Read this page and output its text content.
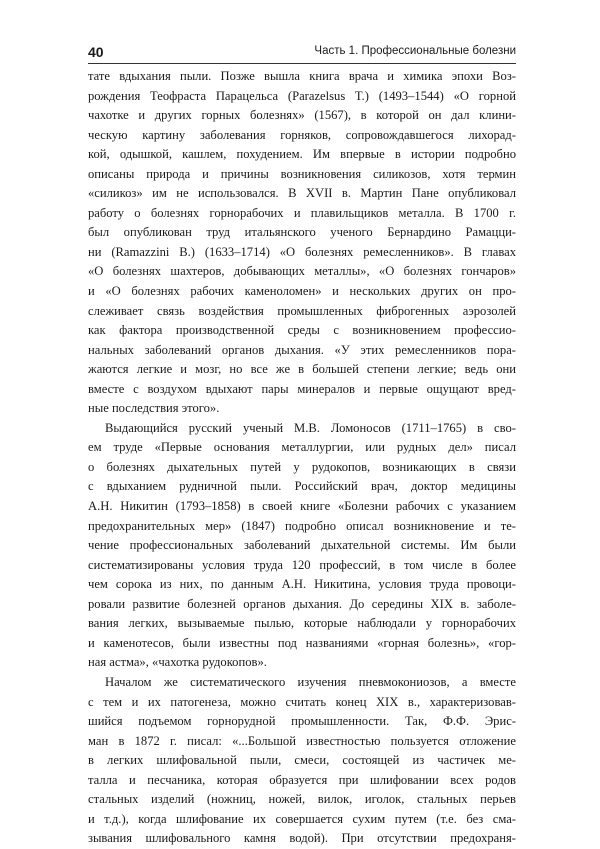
40	Часть 1. Профессиональные болезни
тате вдыхания пыли. Позже вышла книга врача и химика эпохи Воз-
рождения Теофраста Парацельса (Parazelsus T.) (1493–1544) «О горной
чахотке и других горных болезнях» (1567), в которой он дал клини-
ческую картину заболевания горняков, сопровождавшегося лихорад-
кой, одышкой, кашлем, похудением. Им впервые в истории подробно
описаны природа и причины возникновения силикозов, хотя термин
«силикоз» им не использовался. В XVII в. Мартин Пане опубликовал
работу о болезнях горнорабочих и плавильщиков металла. В 1700 г.
был опубликован труд итальянского ученого Бернардино Рамацци-
ни (Ramazzini B.) (1633–1714) «О болезнях ремесленников». В главах
«О болезнях шахтеров, добывающих металлы», «О болезнях гончаров»
и «О болезнях рабочих каменоломен» и нескольких других он про-
слеживает связь воздействия промышленных фиброгенных аэрозолей
как фактора производственной среды с возникновением профессио-
нальных заболеваний органов дыхания. «У этих ремесленников пора-
жаются легкие и мозг, но все же в большей степени легкие; ведь они
вместе с воздухом вдыхают пары минералов и первые ощущают вред-
ные последствия этого».
Выдающийся русский ученый М.В. Ломоносов (1711–1765) в сво-
ем труде «Первые основания металлургии, или рудных дел» писал
о болезнях дыхательных путей у рудокопов, возникающих в связи
с вдыханием рудничной пыли. Российский врач, доктор медицины
А.Н. Никитин (1793–1858) в своей книге «Болезни рабочих с указанием
предохранительных мер» (1847) подробно описал возникновение и те-
чение профессиональных заболеваний дыхательной системы. Им были
систематизированы условия труда 120 профессий, в том числе в более
чем сорока из них, по данным А.Н. Никитина, условия труда провоци-
ровали развитие болезней органов дыхания. До середины XIX в. заболе-
вания легких, вызываемые пылью, которые наблюдали у горнорабочих
и каменотесов, были известны под названиями «горная болезнь», «гор-
ная астма», «чахотка рудокопов».
Началом же систематического изучения пневмокониозов, а вместе
с тем и их патогенеза, можно считать конец XIX в., характеризовав-
шийся подъемом горнорудной промышленности. Так, Ф.Ф. Эрис-
ман в 1872 г. писал: «...Большой известностью пользуется отложение
в легких шлифовальной пыли, смеси, состоящей из частичек ме-
талла и песчаника, которая образуется при шлифовании всех родов
стальных изделий (ножниц, ножей, вилок, иголок, стальных перьев
и т.д.), когда шлифование их совершается сухим путем (т.е. без сма-
зывания шлифовального камня водой). При отсутствии предохраня-
